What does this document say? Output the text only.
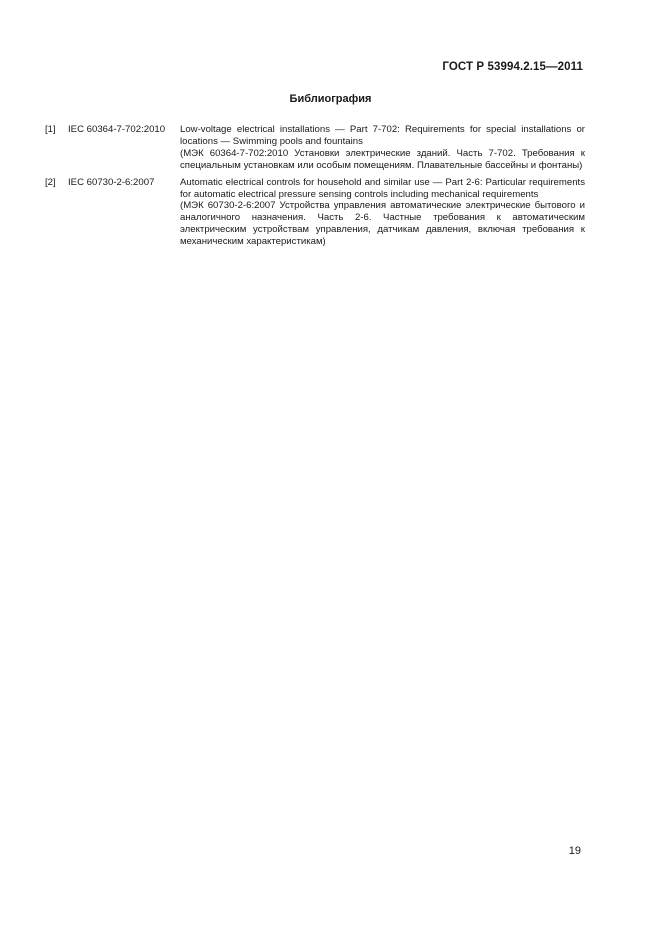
ГОСТ Р 53994.2.15—2011
Библиография
[1]	IEC 60364-7-702:2010	Low-voltage electrical installations — Part 7-702: Requirements for special installations or locations — Swimming pools and fountains

(МЭК 60364-7-702:2010 Установки электрические зданий. Часть 7-702. Требования к специальным установкам или особым помещениям. Плавательные бассейны и фонтаны)

[2]	IEC 60730-2-6:2007	Automatic electrical controls for household and similar use — Part 2-6: Particular requirements for automatic electrical pressure sensing controls including mechanical requirements

(МЭК 60730-2-6:2007 Устройства управления автоматические электрические бытового и аналогичного назначения. Часть 2-6. Частные требования к автоматическим электрическим устройствам управления, датчикам давления, включая требования к механическим характеристикам)

19
